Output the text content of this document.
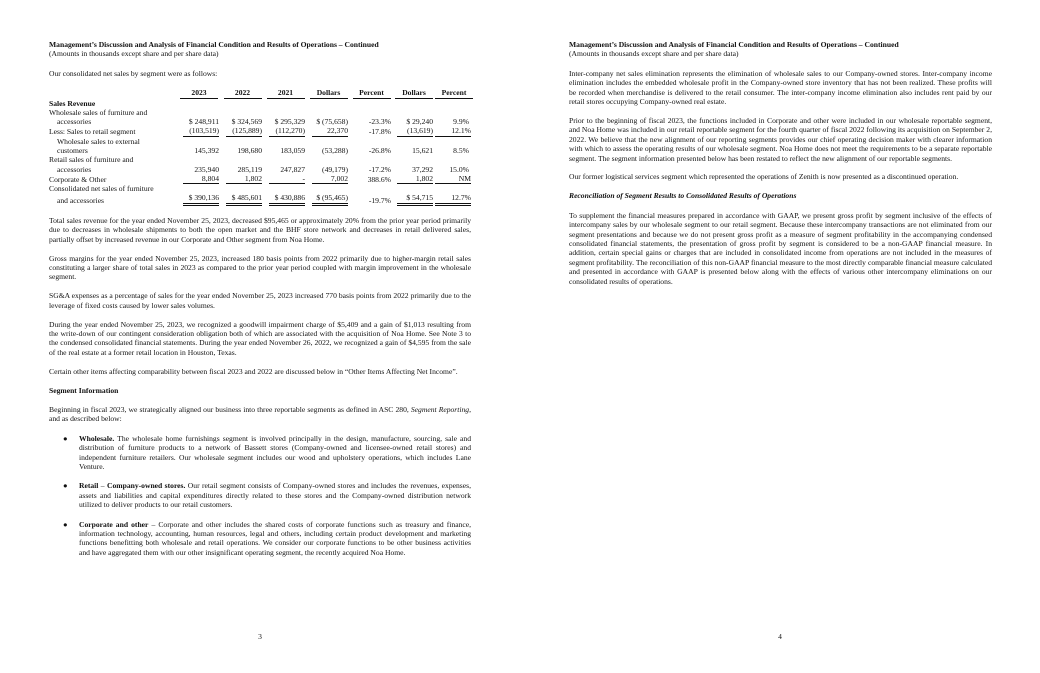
Management’s Discussion and Analysis of Financial Condition and Results of Operations – Continued

(Amounts in thousands except share and per share data)

Our consolidated net sales by segment were as follows:

	2023	2022	2021	Dollars	Percent	Dollars	Percent
Sales Revenue							
Wholesale sales of furniture and							
accessories	$ 248,911	$ 324,569	$ 295,329	$ (75,658)	-23.3%	$ 29,240	9.9%
Less: Sales to retail segment	(103,519)	(125,889)	(112,270)	22,370	-17.8%	(13,619)	12.1%
Wholesale sales to external							
customers	145,392	198,680	183,059	(53,288)	-26.8%	15,621	8.5%
Retail sales of furniture and							
accessories	235,940	285,119	247,827	(49,179)	-17.2%	37,292	15.0%
Corporate & Other	8,804	1,802	-	7,002	388.6%	1,802	NM
Consolidated net sales of furniture							
and accessories	$ 390,136	$ 485,601	$ 430,886	$ (95,465)	-19.7%	$ 54,715	12.7%

Total sales revenue for the year ended November 25, 2023, decreased $95,465 or approximately 20% from the prior year period primarily due to decreases in wholesale shipments to both the open market and the BHF store network and decreases in retail delivered sales, partially offset by increased revenue in our Corporate and Other segment from Noa Home.

Gross margins for the year ended November 25, 2023, increased 180 basis points from 2022 primarily due to higher-margin retail sales constituting a larger share of total sales in 2023 as compared to the prior year period coupled with margin improvement in the wholesale segment.

SG&A expenses as a percentage of sales for the year ended November 25, 2023 increased 770 basis points from 2022 primarily due to the leverage of fixed costs caused by lower sales volumes.

During the year ended November 25, 2023, we recognized a goodwill impairment charge of $5,409 and a gain of $1,013 resulting from the write-down of our contingent consideration obligation both of which are associated with the acquisition of Noa Home. See Note 3 to the condensed consolidated financial statements. During the year ended November 26, 2022, we recognized a gain of $4,595 from the sale of the real estate at a former retail location in Houston, Texas.

Certain other items affecting comparability between fiscal 2023 and 2022 are discussed below in “Other Items Affecting Net Income”.

Segment Information

Beginning in fiscal 2023, we strategically aligned our business into three reportable segments as defined in ASC 280, Segment Reporting, and as described below:

● Wholesale. The wholesale home furnishings segment is involved principally in the design, manufacture, sourcing, sale and distribution of furniture products to a network of Bassett stores (Company-owned and licensee-owned retail stores) and independent furniture retailers. Our wholesale segment includes our wood and upholstery operations, which includes Lane Venture.
● Retail – Company-owned stores. Our retail segment consists of Company-owned stores and includes the revenues, expenses, assets and liabilities and capital expenditures directly related to these stores and the Company-owned distribution network utilized to deliver products to our retail customers.
● Corporate and other – Corporate and other includes the shared costs of corporate functions such as treasury and finance, information technology, accounting, human resources, legal and others, including certain product development and marketing functions benefitting both wholesale and retail operations. We consider our corporate functions to be other business activities and have aggregated them with our other insignificant operating segment, the recently acquired Noa Home.
3

Management’s Discussion and Analysis of Financial Condition and Results of Operations – Continued

(Amounts in thousands except share and per share data)

Inter-company net sales elimination represents the elimination of wholesale sales to our Company-owned stores. Inter-company income elimination includes the embedded wholesale profit in the Company-owned store inventory that has not been realized. These profits will be recorded when merchandise is delivered to the retail consumer. The inter-company income elimination also includes rent paid by our retail stores occupying Company-owned real estate.

Prior to the beginning of fiscal 2023, the functions included in Corporate and other were included in our wholesale reportable segment, and Noa Home was included in our retail reportable segment for the fourth quarter of fiscal 2022 following its acquisition on September 2, 2022. We believe that the new alignment of our reporting segments provides our chief operating decision maker with clearer information with which to assess the operating results of our wholesale segment. Noa Home does not meet the requirements to be a separate reportable segment. The segment information presented below has been restated to reflect the new alignment of our reportable segments.

Our former logistical services segment which represented the operations of Zenith is now presented as a discontinued operation.

Reconciliation of Segment Results to Consolidated Results of Operations

To supplement the financial measures prepared in accordance with GAAP, we present gross profit by segment inclusive of the effects of intercompany sales by our wholesale segment to our retail segment. Because these intercompany transactions are not eliminated from our segment presentations and because we do not present gross profit as a measure of segment profitability in the accompanying condensed consolidated financial statements, the presentation of gross profit by segment is considered to be a non-GAAP financial measure. In addition, certain special gains or charges that are included in consolidated income from operations are not included in the measures of segment profitability. The reconciliation of this non-GAAP financial measure to the most directly comparable financial measure calculated and presented in accordance with GAAP is presented below along with the effects of various other intercompany eliminations on our consolidated results of operations.

4
